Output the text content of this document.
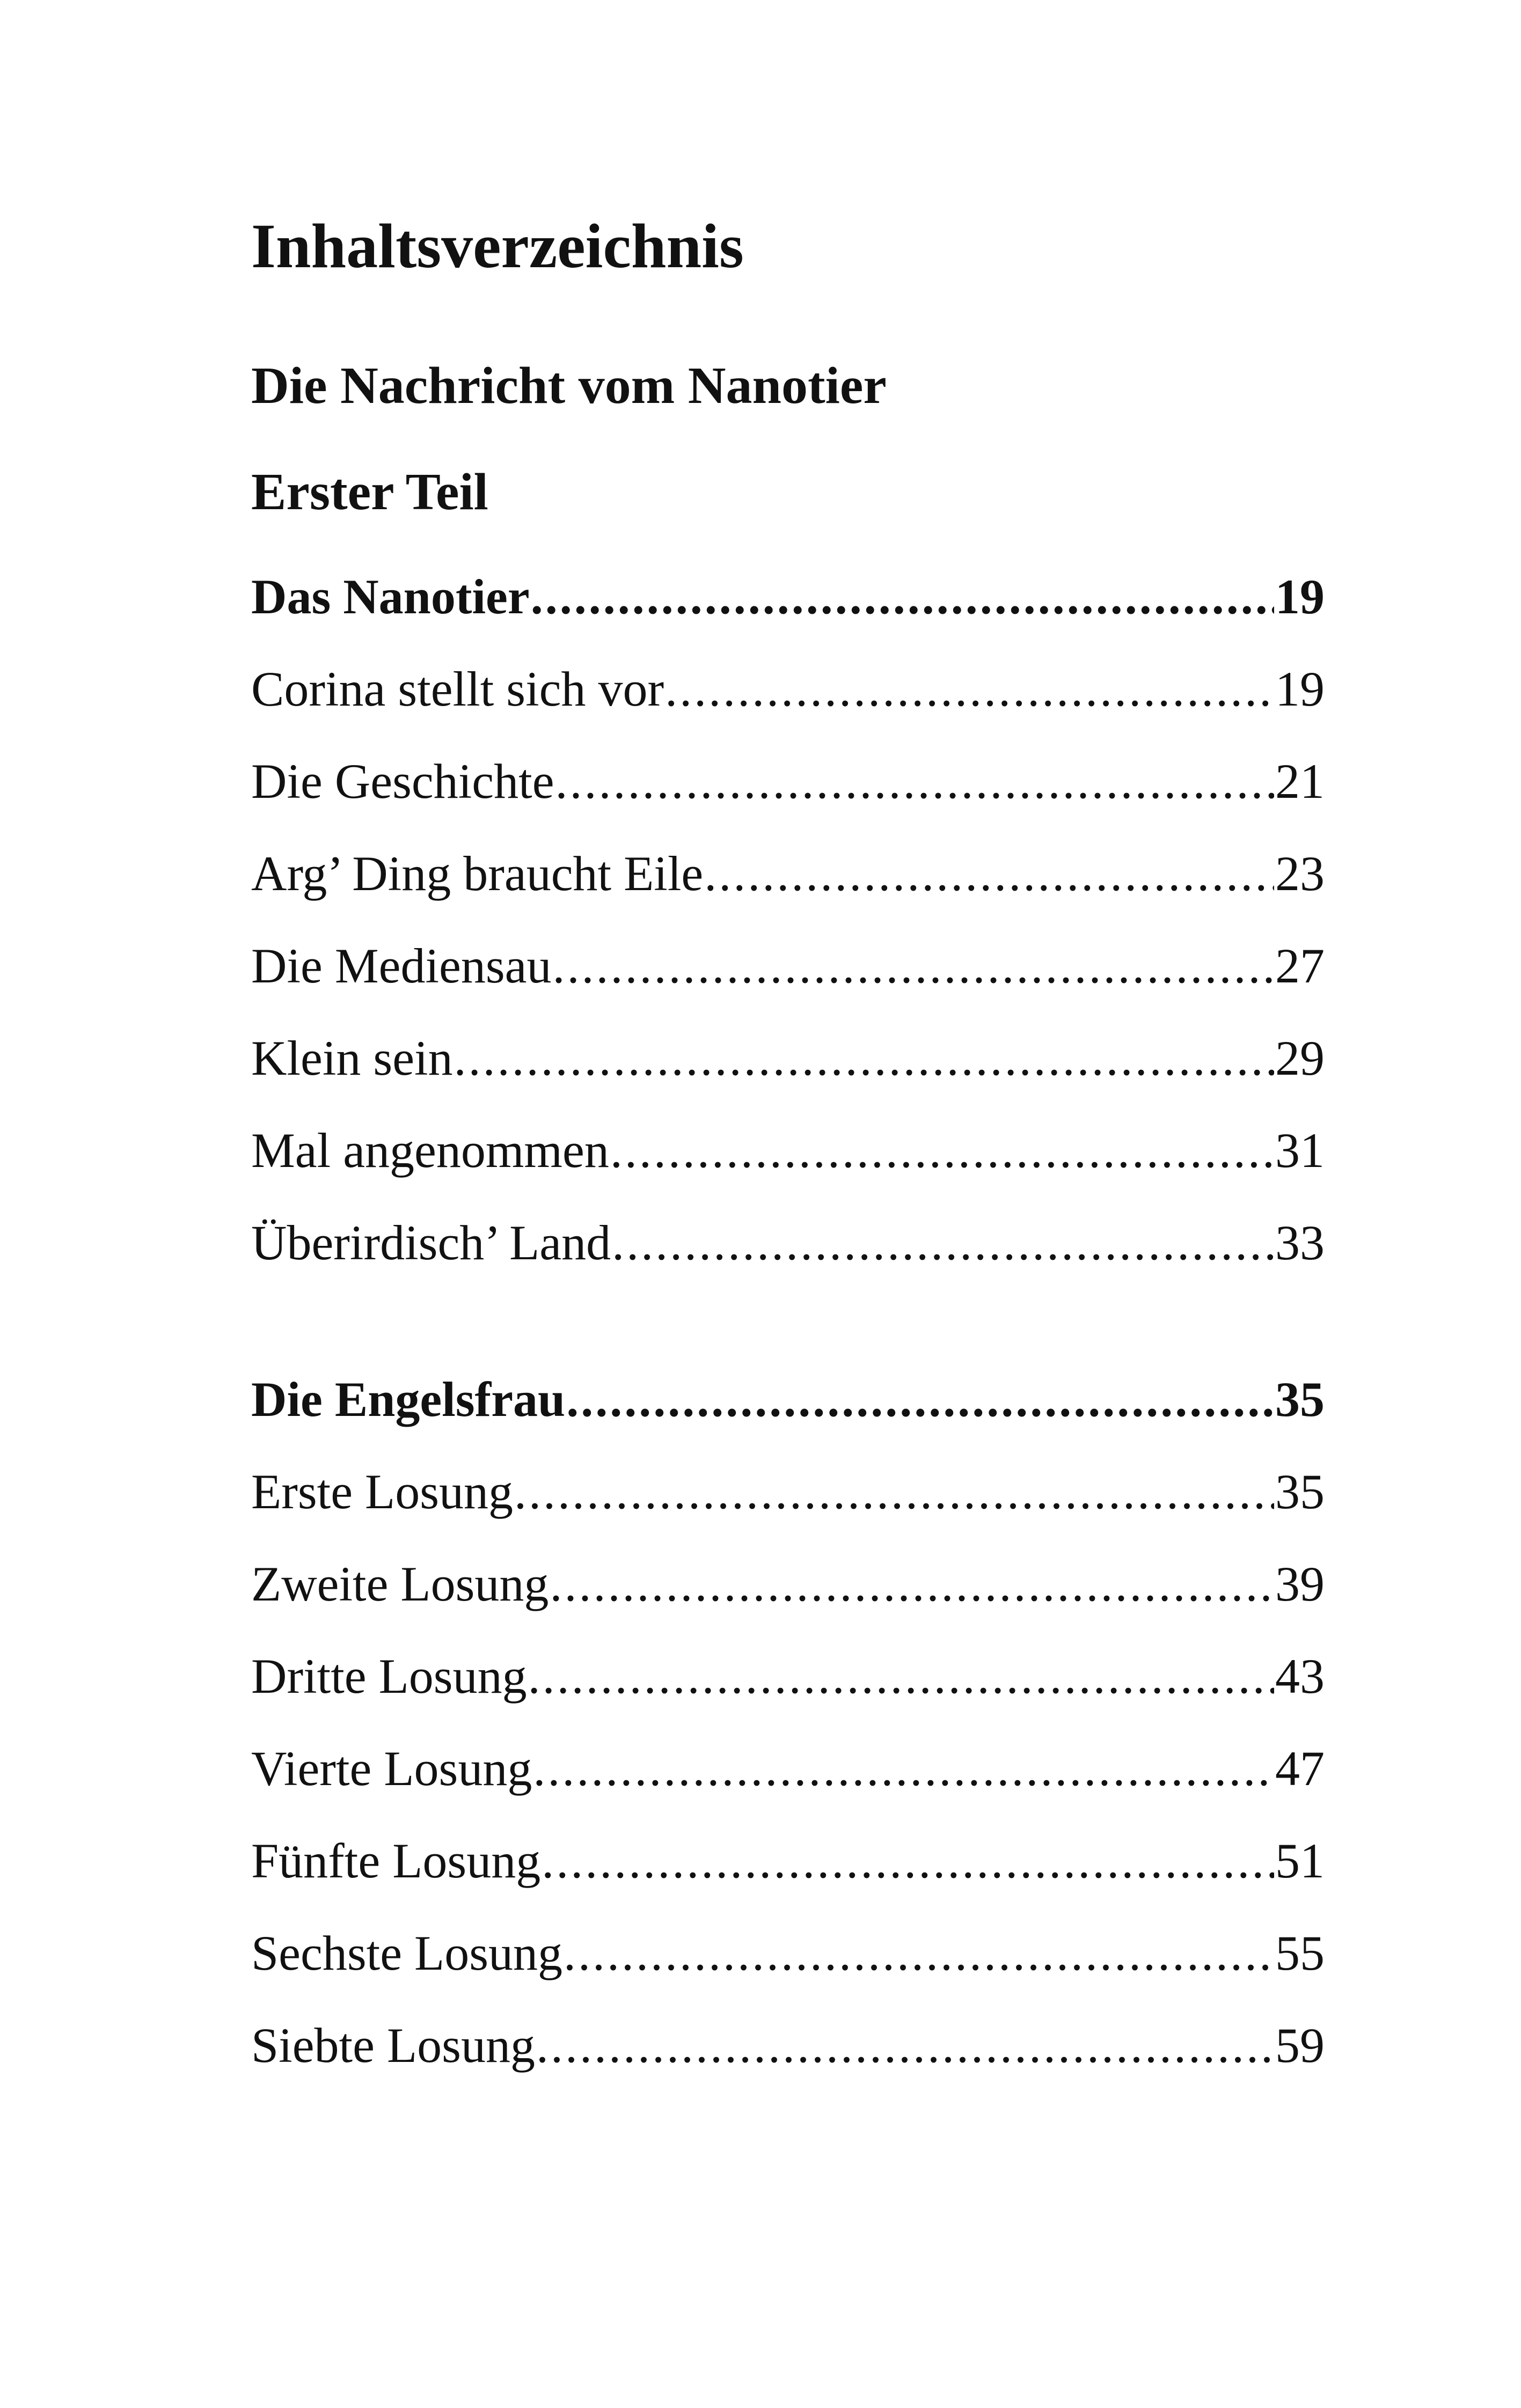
Inhaltsverzeichnis
Die Nachricht vom Nanotier
Erster Teil
Das Nanotier .....	19
Corina stellt sich vor .....	19
Die Geschichte .....	21
Arg’ Ding braucht Eile .....	23
Die Mediensau .....	27
Klein sein .....	29
Mal angenommen .....	31
Überirdisch’ Land .....	33
Die Engelsfrau .....	35
Erste Losung .....	35
Zweite Losung .....	39
Dritte Losung .....	43
Vierte Losung .....	47
Fünfte Losung .....	51
Sechste Losung .....	55
Siebte Losung .....	59
